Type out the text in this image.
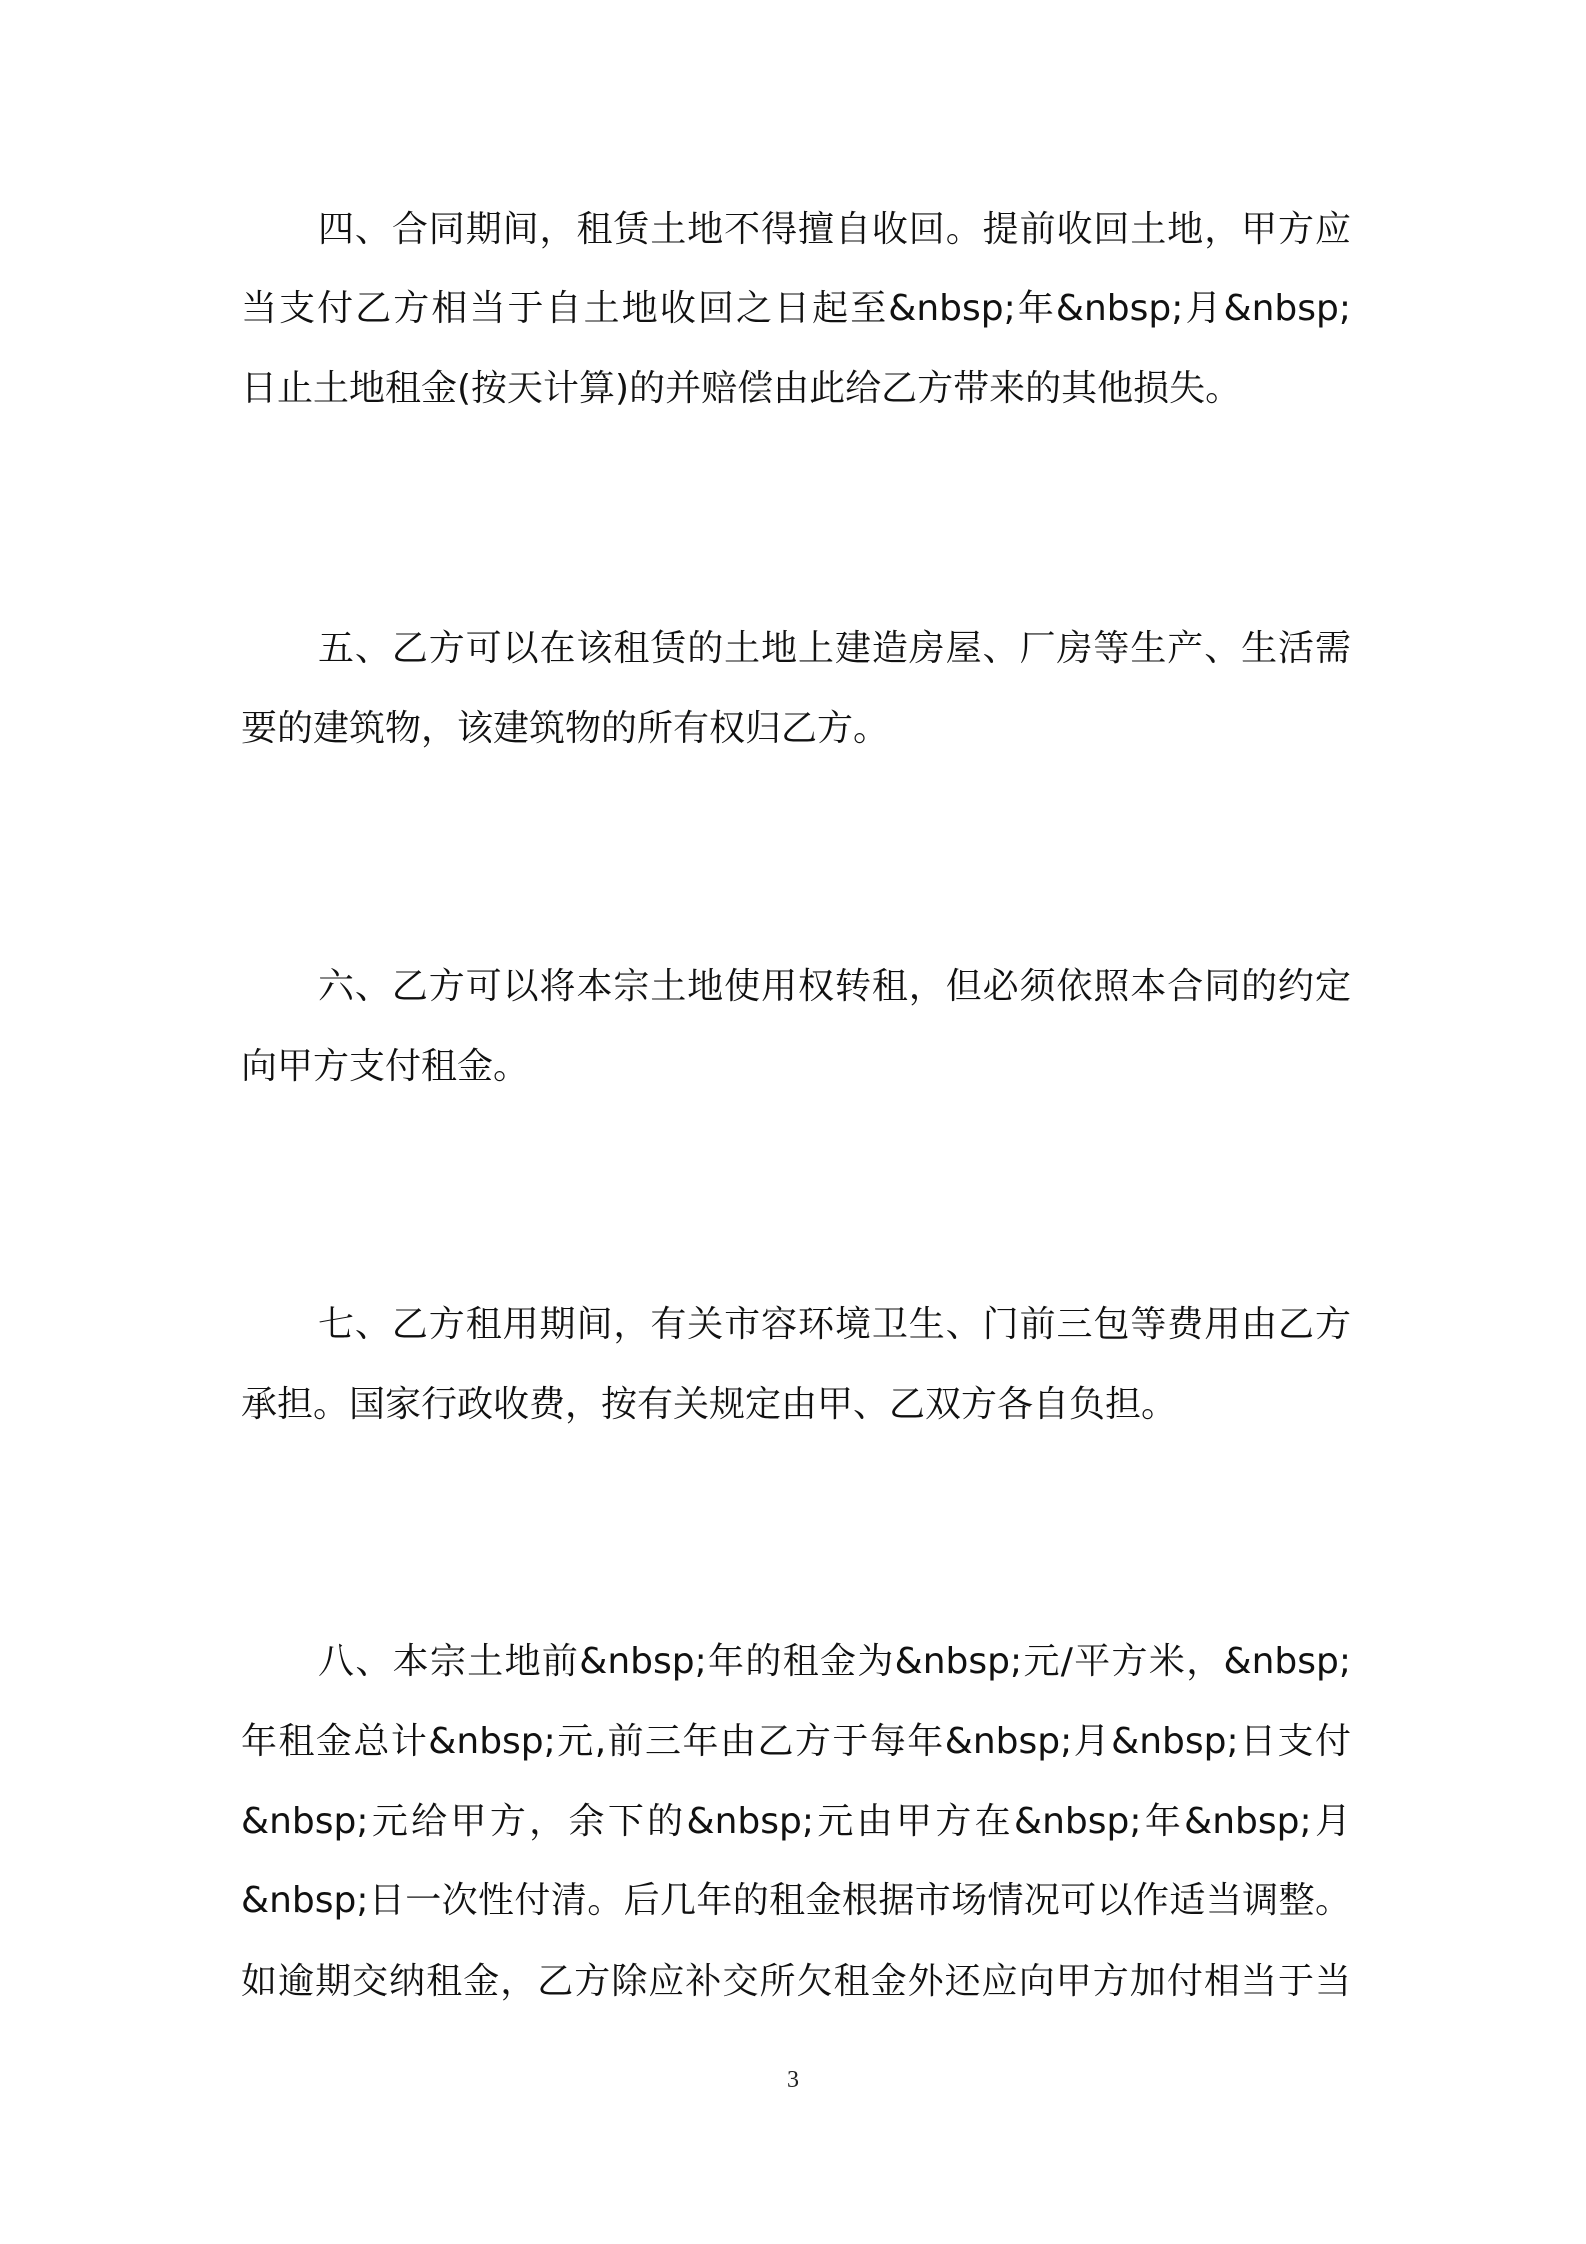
四、合同期间，租赁土地不得擅自收回。提前收回土地，甲方应
当支付乙方相当于自土地收回之日起至&nbsp;年&nbsp;月&nbsp;
日止土地租金(按天计算)的并赔偿由此给乙方带来的其他损失。
五、乙方可以在该租赁的土地上建造房屋、厂房等生产、生活需
要的建筑物，该建筑物的所有权归乙方。
六、乙方可以将本宗土地使用权转租，但必须依照本合同的约定
向甲方支付租金。
七、乙方租用期间，有关市容环境卫生、门前三包等费用由乙方
承担。国家行政收费，按有关规定由甲、乙双方各自负担。
八、本宗土地前&nbsp;年的租金为&nbsp;元/平方米，&nbsp;
年租金总计&nbsp;元,前三年由乙方于每年&nbsp;月&nbsp;日支付
&nbsp;元给甲方，余下的&nbsp;元由甲方在&nbsp;年&nbsp;月
&nbsp;日一次性付清。后几年的租金根据市场情况可以作适当调整。
如逾期交纳租金，乙方除应补交所欠租金外还应向甲方加付相当于当
3
